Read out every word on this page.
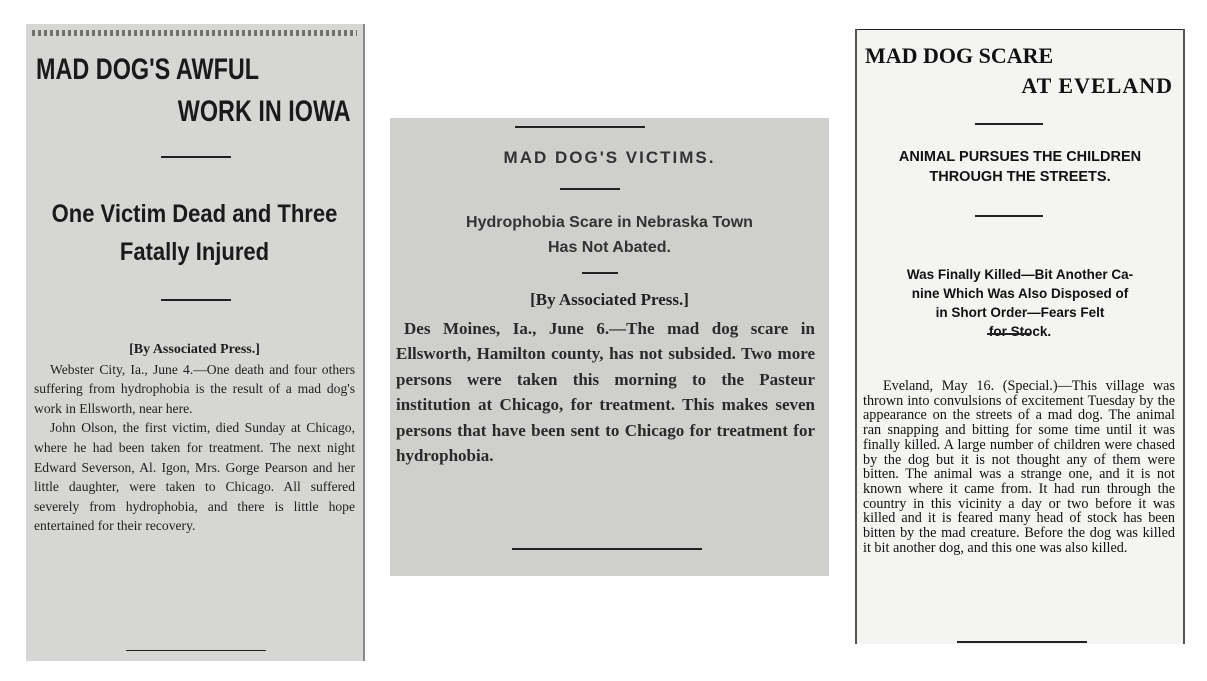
MAD DOG'S AWFUL
WORK IN IOWA
One Victim Dead and Three
Fatally Injured

[By Associated Press.]

Webster City, Ia., June 4.—One death and four others suffering from hydrophobia is the result of a mad dog's work in Ellsworth, near here.

John Olson, the first victim, died Sunday at Chicago, where he had been taken for treatment. The next night Edward Severson, Al. Igon, Mrs. Gorge Pearson and her little daughter, were taken to Chicago. All suffered severely from hydrophobia, and there is little hope entertained for their recovery.

MAD DOG'S VICTIMS.
Hydrophobia Scare in Nebraska Town
Has Not Abated.
[By Associated Press.]

Des Moines, Ia., June 6.—The mad dog scare in Ellsworth, Hamilton county, has not subsided. Two more persons were taken this morning to the Pasteur institution at Chicago, for treatment. This makes seven persons that have been sent to Chicago for treatment for hydrophobia.

MAD DOG SCARE
AT EVELAND
ANIMAL PURSUES THE CHILDREN
THROUGH THE STREETS.
Was Finally Killed—Bit Another Ca-
nine Which Was Also Disposed of
in Short Order—Fears Felt
for Stock.

Eveland, May 16. (Special.)—This village was thrown into convulsions of excitement Tuesday by the appearance on the streets of a mad dog. The animal ran snapping and bitting for some time until it was finally killed. A large number of children were chased by the dog but it is not thought any of them were bitten. The animal was a strange one, and it is not known where it came from. It had run through the country in this vicinity a day or two before it was killed and it is feared many head of stock has been bitten by the mad creature. Before the dog was killed it bit another dog, and this one was also killed.
